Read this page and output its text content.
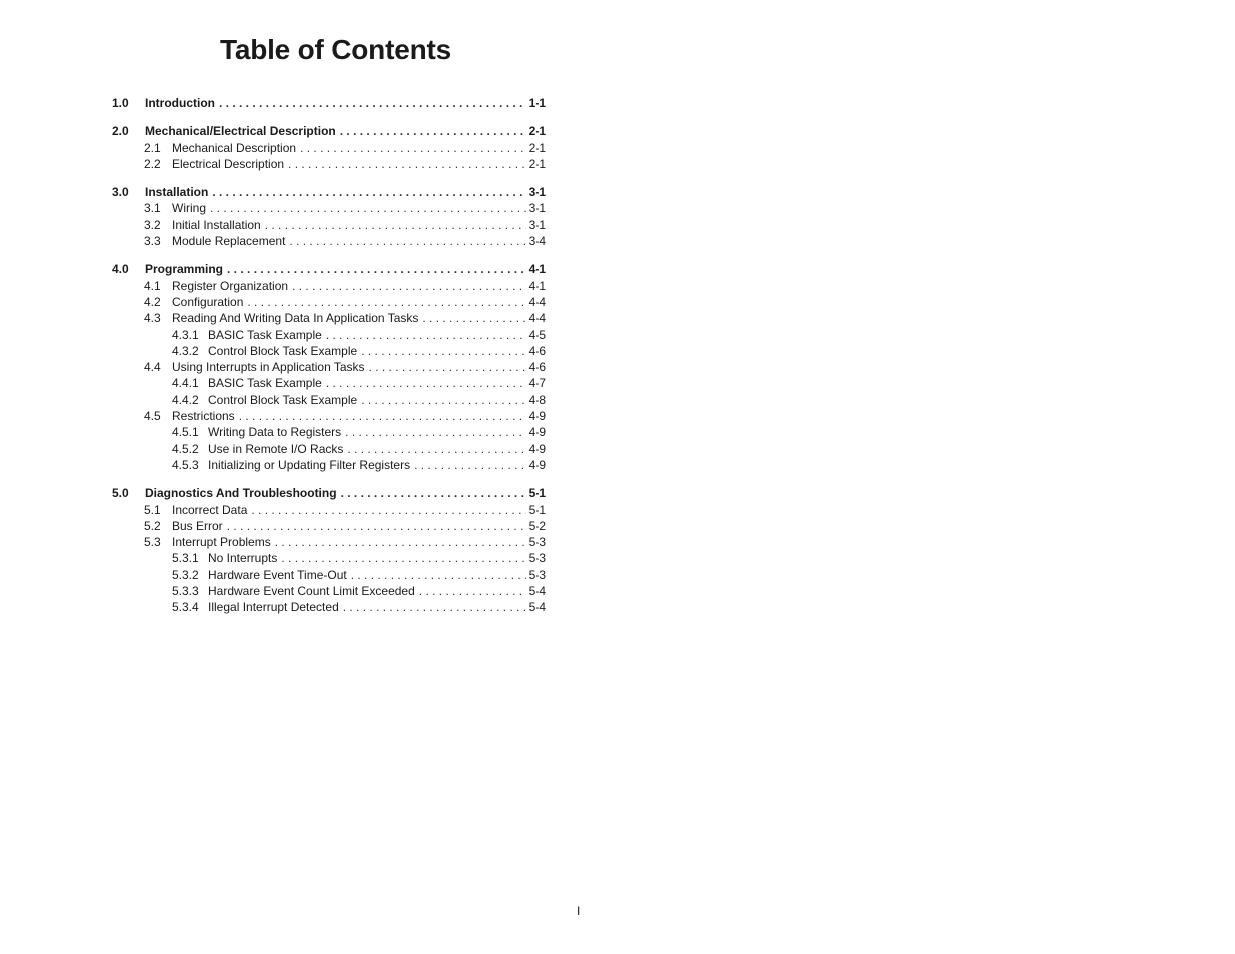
Table of Contents
1.0 Introduction . . .	1-1
2.0 Mechanical/Electrical Description . . .	2-1
2.1 Mechanical Description . . .	2-1
2.2 Electrical Description . . .	2-1
3.0 Installation . . .	3-1
3.1 Wiring . . .	3-1
3.2 Initial Installation . . .	3-1
3.3 Module Replacement . . .	3-4
4.0 Programming . . .	4-1
4.1 Register Organization . . .	4-1
4.2 Configuration . . .	4-4
4.3 Reading And Writing Data In Application Tasks . . .	4-4
4.3.1 BASIC Task Example . . .	4-5
4.3.2 Control Block Task Example . . .	4-6
4.4 Using Interrupts in Application Tasks . . .	4-6
4.4.1 BASIC Task Example . . .	4-7
4.4.2 Control Block Task Example . . .	4-8
4.5 Restrictions . . .	4-9
4.5.1 Writing Data to Registers . . .	4-9
4.5.2 Use in Remote I/O Racks . . .	4-9
4.5.3 Initializing or Updating Filter Registers . . .	4-9
5.0 Diagnostics And Troubleshooting . . .	5-1
5.1 Incorrect Data . . .	5-1
5.2 Bus Error . . .	5-2
5.3 Interrupt Problems . . .	5-3
5.3.1 No Interrupts . . .	5-3
5.3.2 Hardware Event Time-Out . . .	5-3
5.3.3 Hardware Event Count Limit Exceeded . . .	5-4
5.3.4 Illegal Interrupt Detected . . .	5-4
I
